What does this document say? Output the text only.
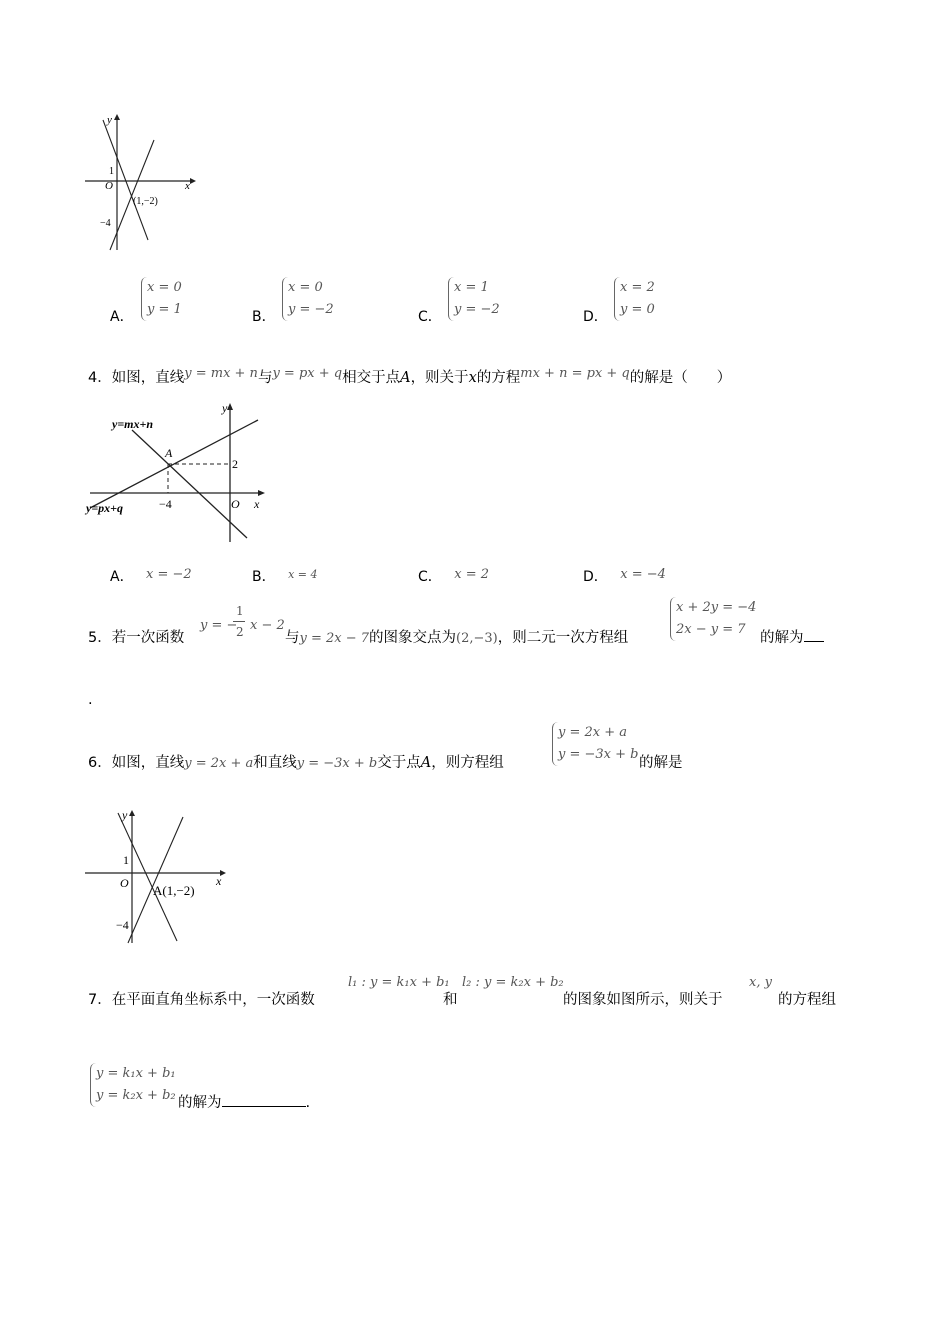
y
x
O
1
−4
(1,−2)
A．
x = 0
y = 1	B．
x = 0
y = −2	C．
x = 1
y = −2	D．
x = 2
y = 0
4．如图，直线y = mx + n与y = px + q相交于点A，则关于x的方程mx + n = px + q的解是（　　）
y=mx+n
y=px+q
A
2
−4	O x
y
A． x = −2	B． $^{x = 4}$	C． x = 2	D． x = −4
5．若一次函数
y = −
1
2 x − 2
与y = 2x − 7的图象交点为(2,−3)，则二元一次方程组
x + 2y = −4
2x − y = 7
的解为
.
6．如图，直线y = 2x + a和直线y = −3x + b交于点A，则方程组
y = 2x + a
y = −3x + b
的解是
y
x
O
1
−4
A(1,−2)
7．在平面直角坐标系中，一次函数
l₁ : y = k₁x + b₁
和
l₂ : y = k₂x + b₂
的图象如图所示，则关于
x, y
的方程组
y = k₁x + b₁
y = k₂x + b₂ 的解为	.
